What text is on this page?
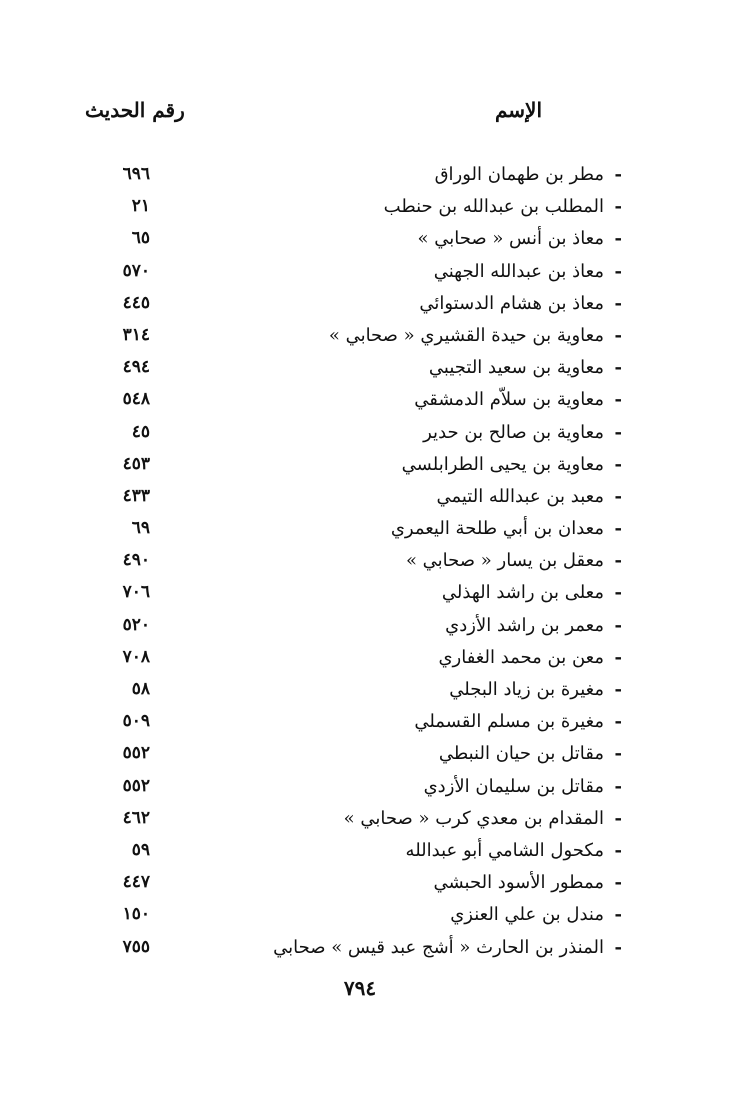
الإسم
رقم الحديث
-
مطر بن طهمان الوراق
٦٩٦
-
المطلب بن عبدالله بن حنطب
٢١
-
معاذ بن أنس « صحابي »
٦٥
-
معاذ بن عبدالله الجهني
٥٧٠
-
معاذ بن هشام الدستوائي
٤٤٥
-
معاوية بن حيدة القشيري « صحابي »
٣١٤
-
معاوية بن سعيد التجيبي
٤٩٤
-
معاوية بن سلاّم الدمشقي
٥٤٨
-
معاوية بن صالح بن حدير
٤٥
-
معاوية بن يحيى الطرابلسي
٤٥٣
-
معبد بن عبدالله التيمي
٤٣٣
-
معدان بن أبي طلحة اليعمري
٦٩
-
معقل بن يسار « صحابي »
٤٩٠
-
معلى بن راشد الهذلي
٧٠٦
-
معمر بن راشد الأزدي
٥٢٠
-
معن بن محمد الغفاري
٧٠٨
-
مغيرة بن زياد البجلي
٥٨
-
مغيرة بن مسلم القسملي
٥٠٩
-
مقاتل بن حيان النبطي
٥٥٢
-
مقاتل بن سليمان الأزدي
٥٥٢
-
المقدام بن معدي كرب « صحابي »
٤٦٢
-
مكحول الشامي أبو عبدالله
٥٩
-
ممطور الأسود الحبشي
٤٤٧
-
مندل بن علي العنزي
١٥٠
-
المنذر بن الحارث « أشج عبد قيس » صحابي
٧٥٥
٧٩٤
